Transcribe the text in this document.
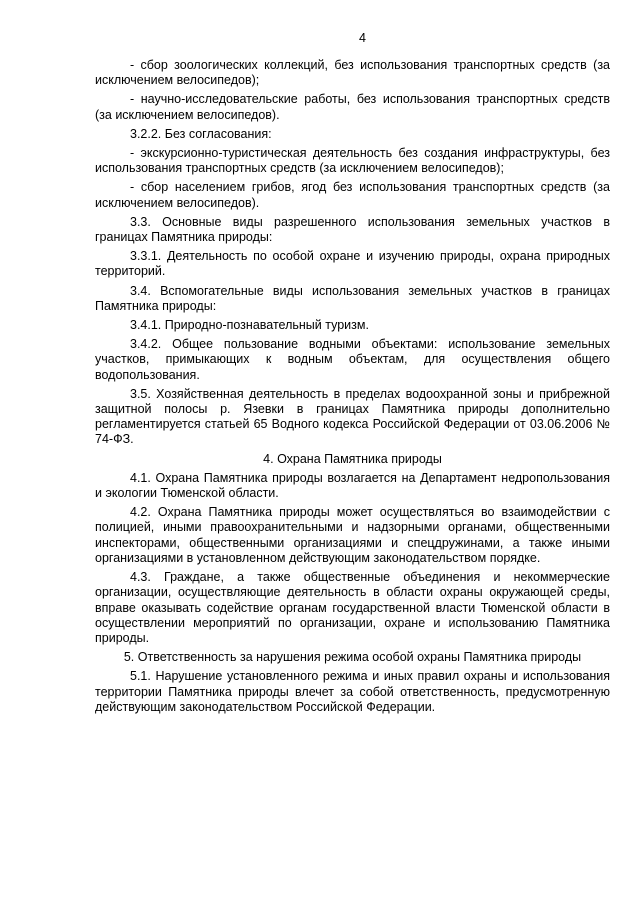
4

- сбор зоологических коллекций, без использования транспортных средств (за исключением велосипедов);

- научно-исследовательские работы, без использования транспортных средств (за исключением велосипедов).

3.2.2. Без согласования:

- экскурсионно-туристическая деятельность без создания инфраструктуры, без использования транспортных средств (за исключением велосипедов);

- сбор населением грибов, ягод без использования транспортных средств (за исключением велосипедов).

3.3. Основные виды разрешенного использования земельных участков в границах Памятника природы:

3.3.1. Деятельность по особой охране и изучению природы, охрана природных территорий.

3.4. Вспомогательные виды использования земельных участков в границах Памятника природы:

3.4.1. Природно-познавательный туризм.

3.4.2. Общее пользование водными объектами: использование земельных участков, примыкающих к водным объектам, для осуществления общего водопользования.

3.5. Хозяйственная деятельность в пределах водоохранной зоны и прибрежной защитной полосы р. Язевки в границах Памятника природы дополнительно регламентируется статьей 65 Водного кодекса Российской Федерации от 03.06.2006 № 74-ФЗ.

4. Охрана Памятника природы

4.1. Охрана Памятника природы возлагается на Департамент недропользования и экологии Тюменской области.

4.2. Охрана Памятника природы может осуществляться во взаимодействии с полицией, иными правоохранительными и надзорными органами, общественными инспекторами, общественными организациями и спецдружинами, а также иными организациями в установленном действующим законодательством порядке.

4.3. Граждане, а также общественные объединения и некоммерческие организации, осуществляющие деятельность в области охраны окружающей среды, вправе оказывать содействие органам государственной власти Тюменской области в осуществлении мероприятий по организации, охране и использованию Памятника природы.

5. Ответственность за нарушения режима особой охраны Памятника природы

5.1. Нарушение установленного режима и иных правил охраны и использования территории Памятника природы влечет за собой ответственность, предусмотренную действующим законодательством Российской Федерации.
